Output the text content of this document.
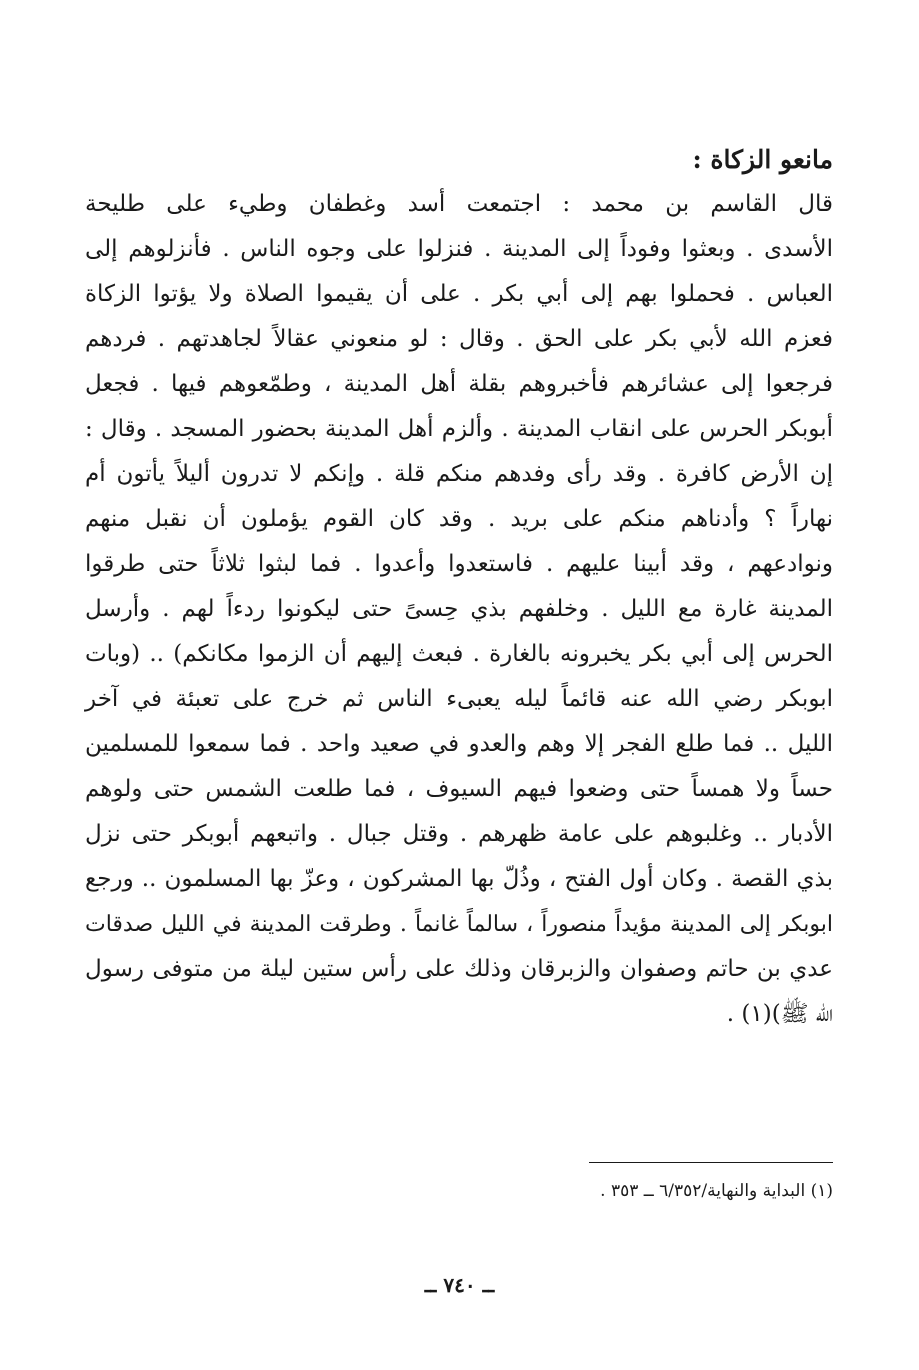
مانعو الزكاة :
قال القاسم بن محمد : اجتمعت أسد وغطفان وطيء على طليحة
الأسدى . وبعثوا وفوداً إلى المدينة . فنزلوا على وجوه الناس . فأنزلوهم إلى
العباس . فحملوا بهم إلى أبي بكر . على أن يقيموا الصلاة ولا يؤتوا الزكاة
فعزم الله لأبي بكر على الحق . وقال : لو منعوني عقالاً لجاهدتهم . فردهم
فرجعوا إلى عشائرهم فأخبروهم بقلة أهل المدينة ، وطمّعوهم فيها . فجعل
أبوبكر الحرس على انقاب المدينة . وألزم أهل المدينة بحضور المسجد . وقال :
إن الأرض كافرة . وقد رأى وفدهم منكم قلة . وإنكم لا تدرون أليلاً يأتون أم
نهاراً ؟ وأدناهم منكم على بريد . وقد كان القوم يؤملون أن نقبل منهم
ونوادعهم ، وقد أبينا عليهم . فاستعدوا وأعدوا . فما لبثوا ثلاثاً حتى طرقوا
المدينة غارة مع الليل . وخلفهم بذي حِسىً حتى ليكونوا ردءاً لهم . وأرسل
الحرس إلى أبي بكر يخبرونه بالغارة . فبعث إليهم أن الزموا مكانكم) .. (وبات
ابوبكر رضي الله عنه قائماً ليله يعبىء الناس ثم خرج على تعبئة في آخر
الليل .. فما طلع الفجر إلا وهم والعدو في صعيد واحد . فما سمعوا للمسلمين
حساً ولا همساً حتى وضعوا فيهم السيوف ، فما طلعت الشمس حتى ولوهم
الأدبار .. وغلبوهم على عامة ظهرهم . وقتل جبال . واتبعهم أبوبكر حتى نزل
بذي القصة . وكان أول الفتح ، وذُلّ بها المشركون ، وعزّ بها المسلمون .. ورجع
ابوبكر إلى المدينة مؤيداً منصوراً ، سالماً غانماً . وطرقت المدينة في الليل صدقات
عدي بن حاتم وصفوان والزبرقان وذلك على رأس ستين ليلة من متوفى رسول
الله ﷺ)(١) .

(١) البداية والنهاية/٦/٣٥٢ ــ ٣٥٣ .

ــ ٧٤٠ ــ
